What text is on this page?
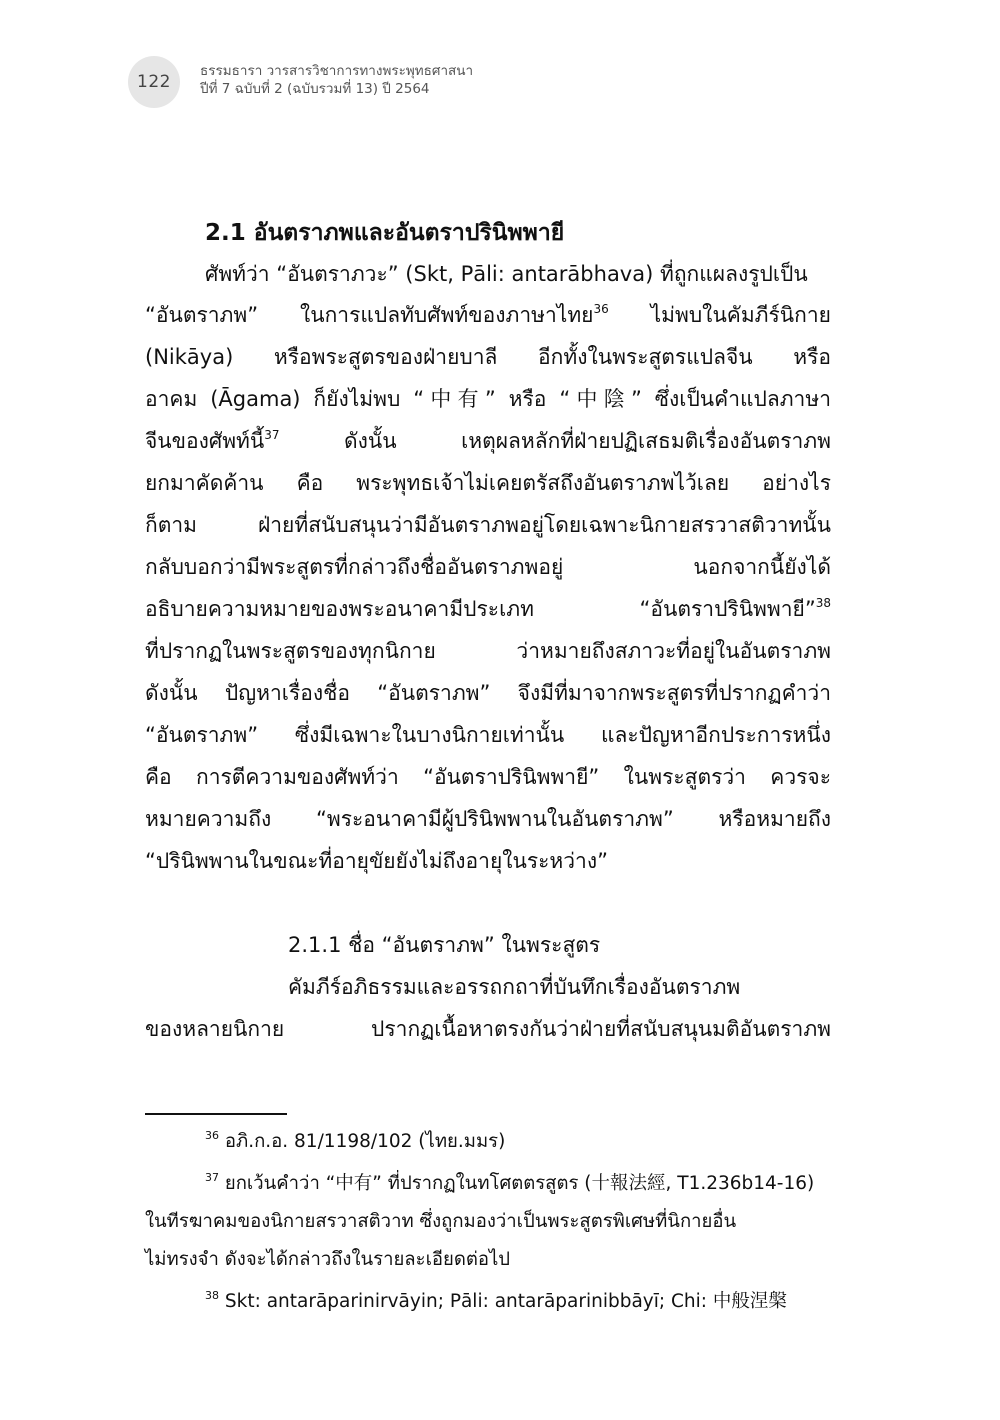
122
ธรรมธารา วารสารวิชาการทางพระพุทธศาสนา
ปีที่ 7 ฉบับที่ 2 (ฉบับรวมที่ 13) ปี 2564
2.1 อันตราภพและอันตราปรินิพพายี
ศัพท์ว่า “อันตราภวะ” (Skt, Pāli: antarābhava) ที่ถูกแผลงรูปเป็น
“อันตราภพ” ในการแปลทับศัพท์ของภาษาไทย$^{36}$ ไม่พบในคัมภีร์นิกาย
(Nikāya) หรือพระสูตรของฝ่ายบาลี อีกทั้งในพระสูตรแปลจีน หรือ
อาคม (Āgama) ก็ยังไม่พบ “中有” หรือ “中陰” ซึ่งเป็นคำแปลภาษา
จีนของศัพท์นี้$^{37}$ ดังนั้น เหตุผลหลักที่ฝ่ายปฏิเสธมติเรื่องอันตราภพ
ยกมาคัดค้าน คือ พระพุทธเจ้าไม่เคยตรัสถึงอันตราภพไว้เลย อย่างไร
ก็ตาม ฝ่ายที่สนับสนุนว่ามีอันตราภพอยู่โดยเฉพาะนิกายสรวาสติวาทนั้น
กลับบอกว่ามีพระสูตรที่กล่าวถึงชื่ออันตราภพอยู่ นอกจากนี้ยังได้
อธิบายความหมายของพระอนาคามีประเภท “อันตราปรินิพพายี”$^{38}$
ที่ปรากฏในพระสูตรของทุกนิกาย ว่าหมายถึงสภาวะที่อยู่ในอันตราภพ
ดังนั้น ปัญหาเรื่องชื่อ “อันตราภพ” จึงมีที่มาจากพระสูตรที่ปรากฏคำว่า
“อันตราภพ” ซึ่งมีเฉพาะในบางนิกายเท่านั้น และปัญหาอีกประการหนึ่ง
คือ การตีความของศัพท์ว่า “อันตราปรินิพพายี” ในพระสูตรว่า ควรจะ
หมายความถึง “พระอนาคามีผู้ปรินิพพานในอันตราภพ” หรือหมายถึง
“ปรินิพพานในขณะที่อายุขัยยังไม่ถึงอายุในระหว่าง”
2.1.1 ชื่อ “อันตราภพ” ในพระสูตร
คัมภีร์อภิธรรมและอรรถกถาที่บันทึกเรื่องอันตราภพ
ของหลายนิกาย ปรากฏเนื้อหาตรงกันว่าฝ่ายที่สนับสนุนมติอันตราภพ
$^{36}$ อภิ.ก.อ. 81/1198/102 (ไทย.มมร)
$^{37}$ ยกเว้นคำว่า “中有” ที่ปรากฏในทโศตตรสูตร (十報法經, T1.236b14-16)
ในทีรฆาคมของนิกายสรวาสติวาท ซึ่งถูกมองว่าเป็นพระสูตรพิเศษที่นิกายอื่น
ไม่ทรงจำ ดังจะได้กล่าวถึงในรายละเอียดต่อไป
$^{38}$ Skt: antarāparinirvāyin; Pāli: antarāparinibbāyī; Chi: 中般涅槃
